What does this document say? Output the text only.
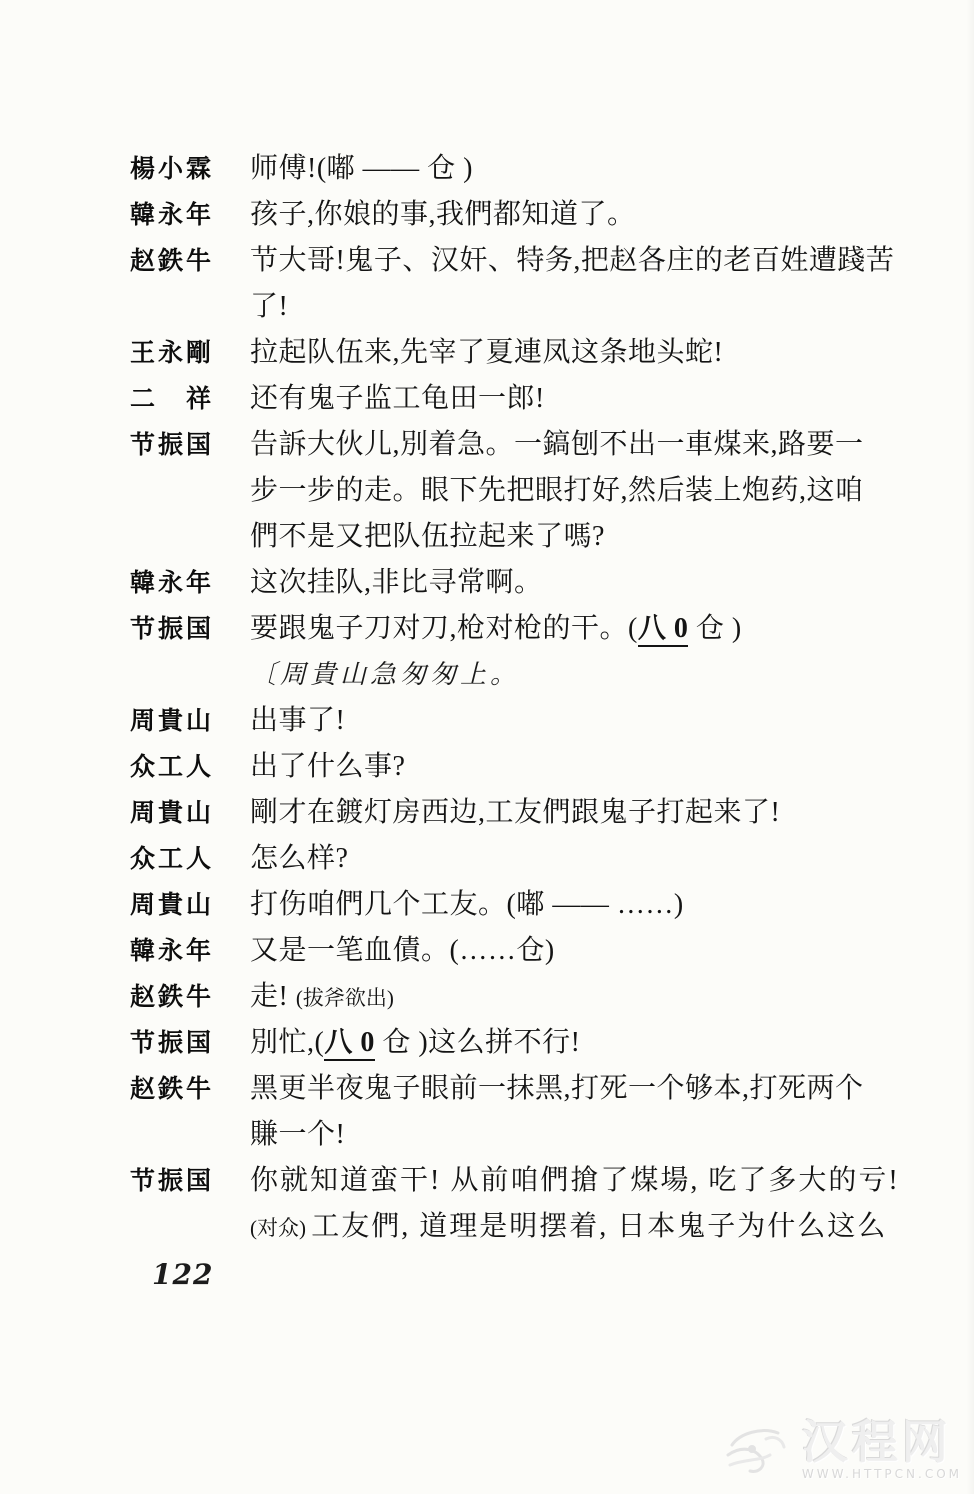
楊小霖	师傅!(嘟 —— 仓 )
韓永年	孩子,你娘的事,我們都知道了。
赵鉄牛	节大哥!鬼子、汉奸、特务,把赵各庄的老百姓遭踐苦
了!
王永剛	拉起队伍来,先宰了夏連凤这条地头蛇!
二　祥	还有鬼子监工龟田一郎!
节振国	告訴大伙儿,別着急。一鎬刨不出一車煤来,路要一
步一步的走。眼下先把眼打好,然后装上炮药,这咱
們不是又把队伍拉起来了嗎?
韓永年	这次挂队,非比寻常啊。
节振国	要跟鬼子刀对刀,枪对枪的干。(八 0 仓 )
〔周貴山急匆匆上。
周貴山	出事了!
众工人	出了什么事?
周貴山	剛才在鍍灯房西边,工友們跟鬼子打起来了!
众工人	怎么样?
周貴山	打伤咱們几个工友。(嘟 —— ……)
韓永年	又是一笔血債。(……仓)
赵鉄牛	走! (拔斧欲出)
节振国	別忙,(八 0 仓 )这么拼不行!
赵鉄牛	黑更半夜鬼子眼前一抹黑,打死一个够本,打死两个
賺一个!
节振国	你就知道蛮干! 从前咱們搶了煤場, 吃了多大的亏!
(对众) 工友們, 道理是明摆着, 日本鬼子为什么这么
122
汉程网
WWW.HTTPCN.COM
